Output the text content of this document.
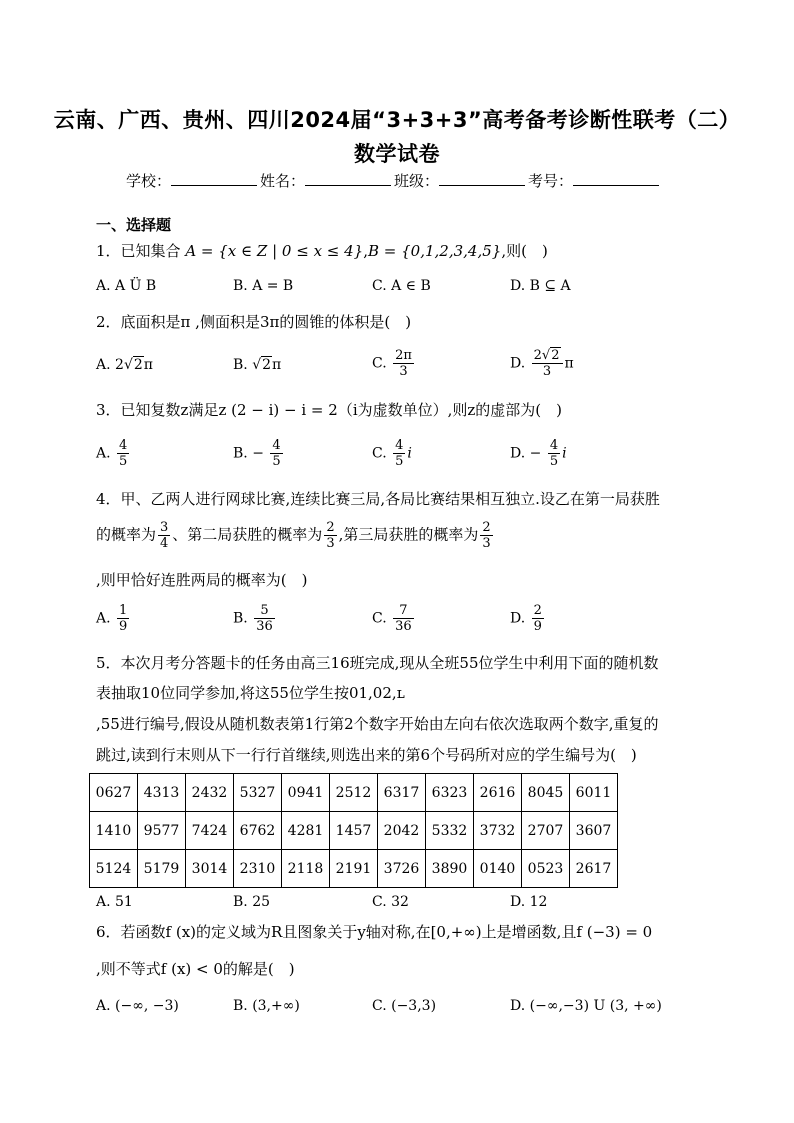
云南、广西、贵州、四川2024届“3+3+3”高考备考诊断性联考（二）
数学试卷
学校：	姓名：	班级：	考号：
一、选择题
1．已知集合 A = {x ∈ Z | 0 ≤ x ≤ 4},B = {0,1,2,3,4,5},则(　)
A. A Ü B	B. A = B	C. A ∈ B	D. B ⊆ A
2．底面积是π ,侧面积是3π的圆锥的体积是(　)
A. 2√2π	B. √2π	C. $\frac{2\pi}{3}$	D. $\frac{2√2}{3}$ π
3．已知复数z满足z (2 − i) − i = 2（i为虚数单位）,则z的虚部为(　)
A. $\frac{4}{5}$	B. − $\frac{4}{5}$	C. $\frac{4}{5}$ i	D. − $\frac{4}{5}$ i
4．甲、乙两人进行网球比赛,连续比赛三局,各局比赛结果相互独立.设乙在第一局获胜
的概率为 $\frac{3}{4}$ 、第二局获胜的概率为 $\frac{2}{3}$ ,第三局获胜的概率为 $\frac{2}{3}$
,则甲恰好连胜两局的概率为(　)
A. $\frac{1}{9}$	B. $\frac{5}{36}$	C. $\frac{7}{36}$	D. $\frac{2}{9}$
5．本次月考分答题卡的任务由高三16班完成,现从全班55位学生中利用下面的随机数
表抽取10位同学参加,将这55位学生按01,02,ʟ
,55进行编号,假设从随机数表第1行第2个数字开始由左向右依次选取两个数字,重复的
跳过,读到行末则从下一行行首继续,则选出来的第6个号码所对应的学生编号为(　)
0627	4313	2432	5327	0941	2512	6317	6323	2616	8045	6011
1410	9577	7424	6762	4281	1457	2042	5332	3732	2707	3607
5124	5179	3014	2310	2118	2191	3726	3890	0140	0523	2617
A. 51	B. 25	C. 32	D. 12
6．若函数f (x)的定义域为R且图象关于y轴对称,在[0,+∞)上是增函数,且f (−3) = 0
,则不等式f (x) < 0的解是(　)
A. (−∞, −3)	B. (3,+∞)	C. (−3,3)	D. (−∞,−3) U (3, +∞)
